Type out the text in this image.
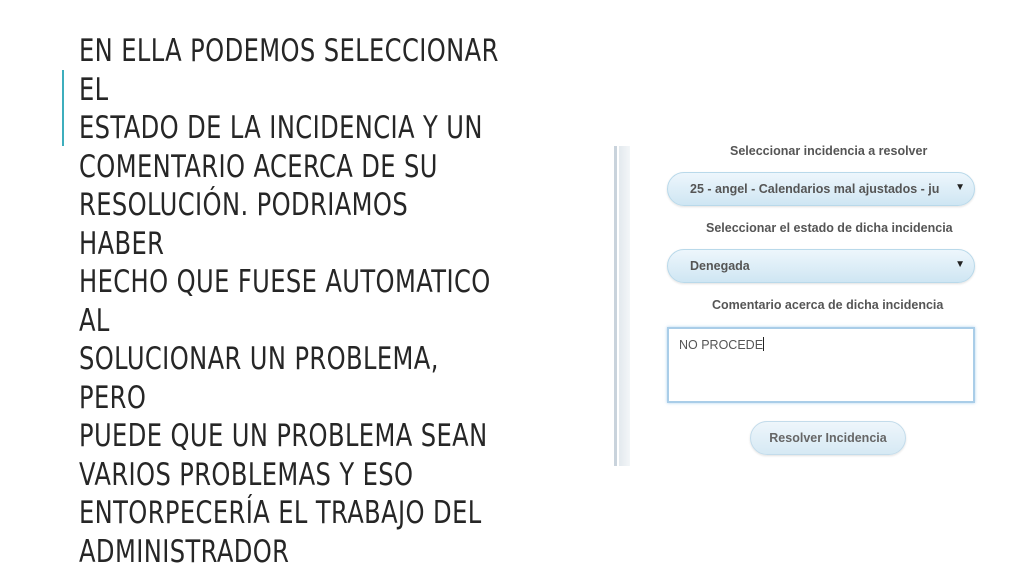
EN ELLA PODEMOS SELECCIONAR EL
ESTADO DE LA INCIDENCIA Y UN
COMENTARIO ACERCA DE SU
RESOLUCIÓN. PODRIAMOS HABER
HECHO QUE FUESE AUTOMATICO AL
SOLUCIONAR UN PROBLEMA, PERO
PUEDE QUE UN PROBLEMA SEAN
VARIOS PROBLEMAS Y ESO
ENTORPECERÍA EL TRABAJO DEL
ADMINISTRADOR
Seleccionar incidencia a resolver
25 - angel - Calendarios mal ajustados - ju	▼
Seleccionar el estado de dicha incidencia
Denegada	▼
Comentario acerca de dicha incidencia
NO PROCEDE
Resolver Incidencia
